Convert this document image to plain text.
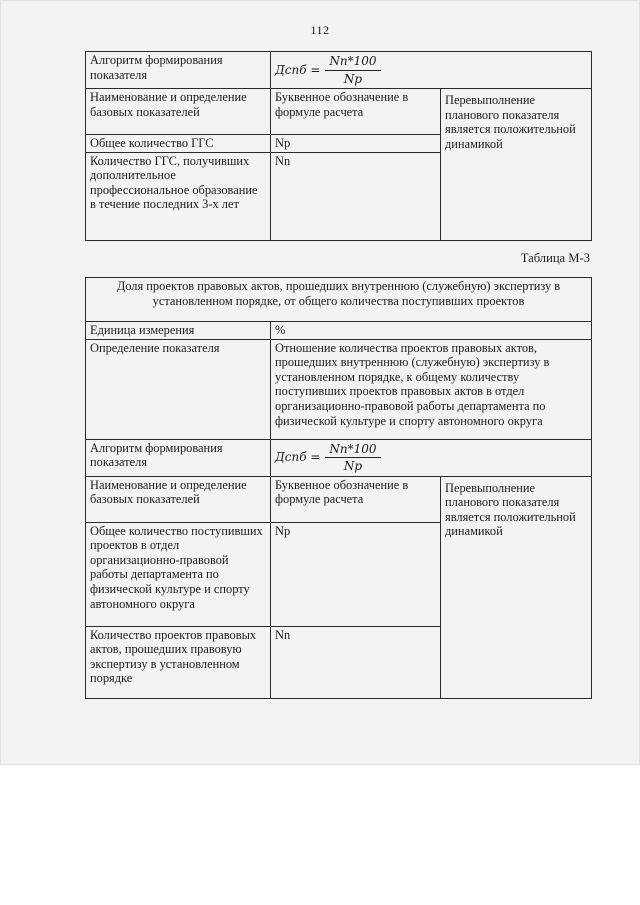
112
Алгоритм формирования показателя	Дспб = $\frac{Nn*100}{Np}$

Наименование и определение базовых показателей	Буквенное обозначение в формуле расчета	Перевыполнение планового показателя является положительной динамикой
Общее количество ГГС	Np	
Количество ГГС, получивших дополнительное профессиональное образование в течение последних 3-х лет	Nn	
Таблица М-3
Доля проектов правовых актов, прошедших внутреннюю (служебную) экспертизу в установленном порядке, от общего количества поступивших проектов		
Единица измерения	%	
Определение показателя	Отношение количества проектов правовых актов, прошедших внутреннюю (служебную) экспертизу в установленном порядке, к общему количеству поступивших проектов правовых актов в отдел организационно-правовой работы департамента по физической культуре и спорту автономного округа	
Алгоритм формирования показателя	Дспб = $\frac{Nn*100}{Np}$

Наименование и определение базовых показателей	Буквенное обозначение в формуле расчета	Перевыполнение планового показателя является положительной динамикой
Общее количество поступивших проектов в отдел организационно-правовой работы департамента по физической культуре и спорту автономного округа	Np	
Количество проектов правовых актов, прошедших правовую экспертизу в установленном порядке	Nn	
